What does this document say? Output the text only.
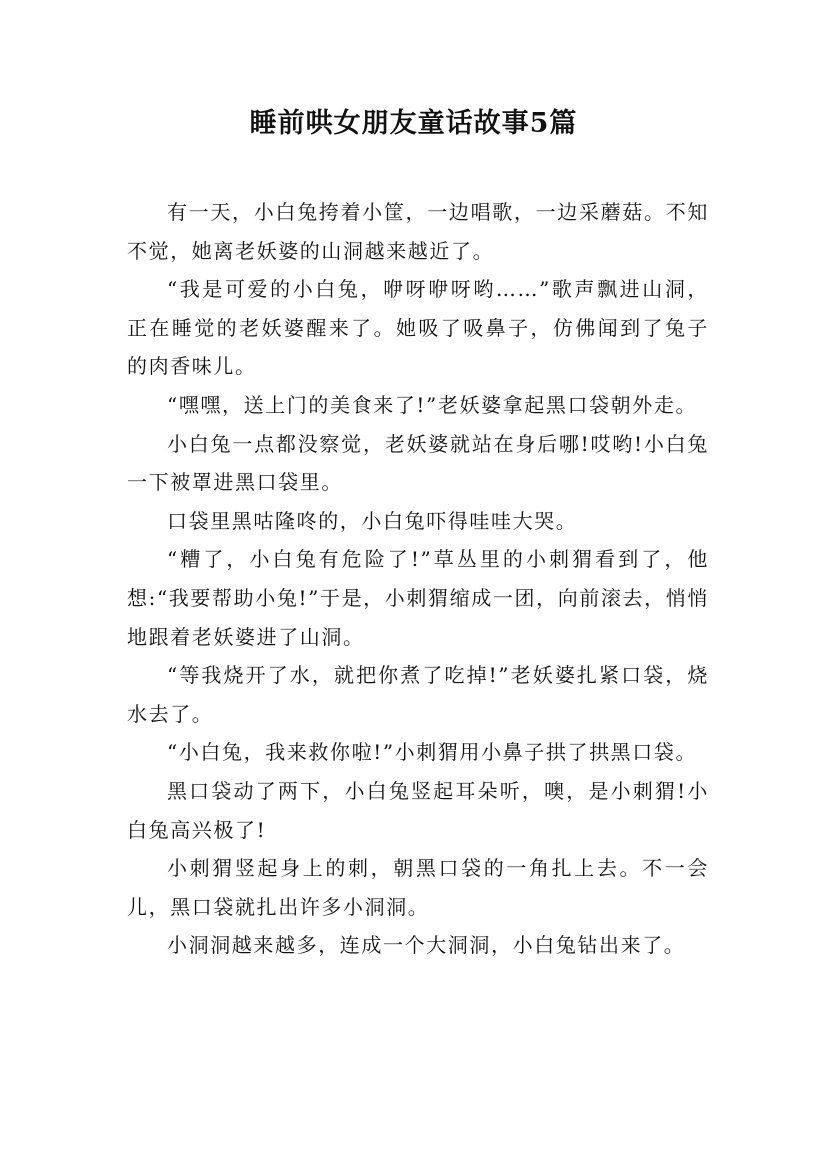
睡前哄女朋友童话故事5篇

有一天，小白兔挎着小筐，一边唱歌，一边采蘑菇。不知不觉，她离老妖婆的山洞越来越近了。

“我是可爱的小白兔，咿呀咿呀哟……”歌声飘进山洞，正在睡觉的老妖婆醒来了。她吸了吸鼻子，仿佛闻到了兔子的肉香味儿。

“嘿嘿，送上门的美食来了!”老妖婆拿起黑口袋朝外走。

小白兔一点都没察觉，老妖婆就站在身后哪!哎哟!小白兔一下被罩进黑口袋里。

口袋里黑咕隆咚的，小白兔吓得哇哇大哭。

“糟了，小白兔有危险了!”草丛里的小刺猬看到了，他想:“我要帮助小兔!”于是，小刺猬缩成一团，向前滚去，悄悄地跟着老妖婆进了山洞。

“等我烧开了水，就把你煮了吃掉!”老妖婆扎紧口袋，烧水去了。

“小白兔，我来救你啦!”小刺猬用小鼻子拱了拱黑口袋。

黑口袋动了两下，小白兔竖起耳朵听，噢，是小刺猬!小白兔高兴极了!

小刺猬竖起身上的刺，朝黑口袋的一角扎上去。不一会儿，黑口袋就扎出许多小洞洞。

小洞洞越来越多，连成一个大洞洞，小白兔钻出来了。
